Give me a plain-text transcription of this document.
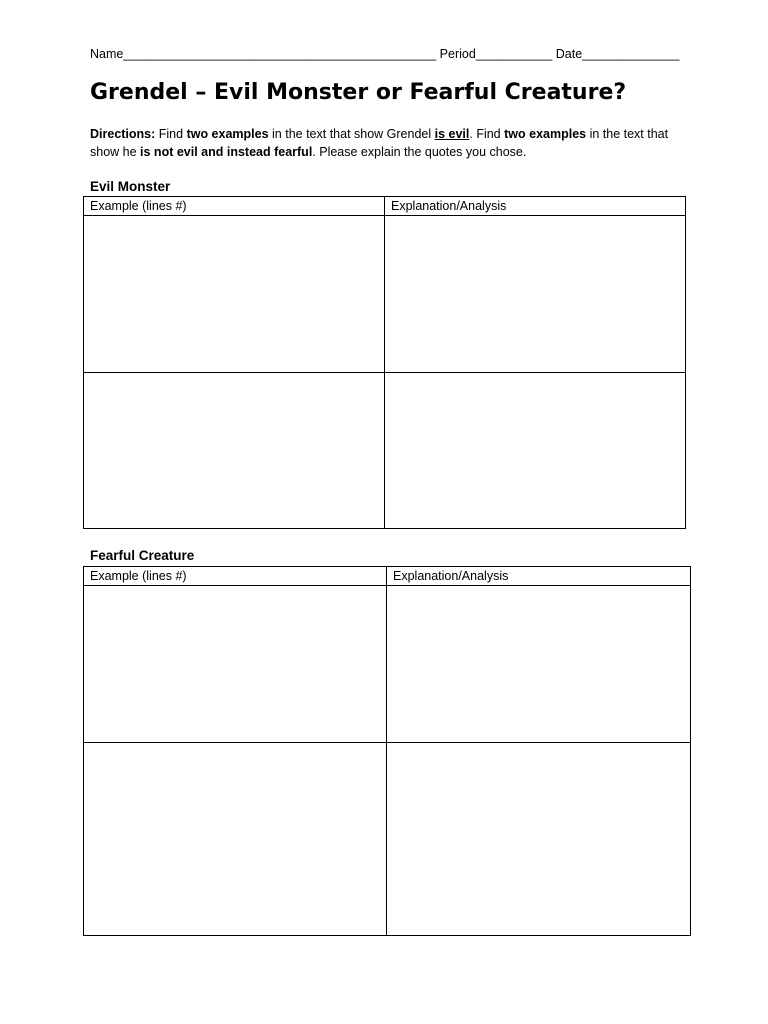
Name_____________________________________________ Period___________ Date______________
Grendel – Evil Monster or Fearful Creature?
Directions: Find two examples in the text that show Grendel is evil. Find two examples in the text that show he is not evil and instead fearful. Please explain the quotes you chose.
Evil Monster
Example (lines #)	Explanation/Analysis

Fearful Creature
Example (lines #)	Explanation/Analysis
